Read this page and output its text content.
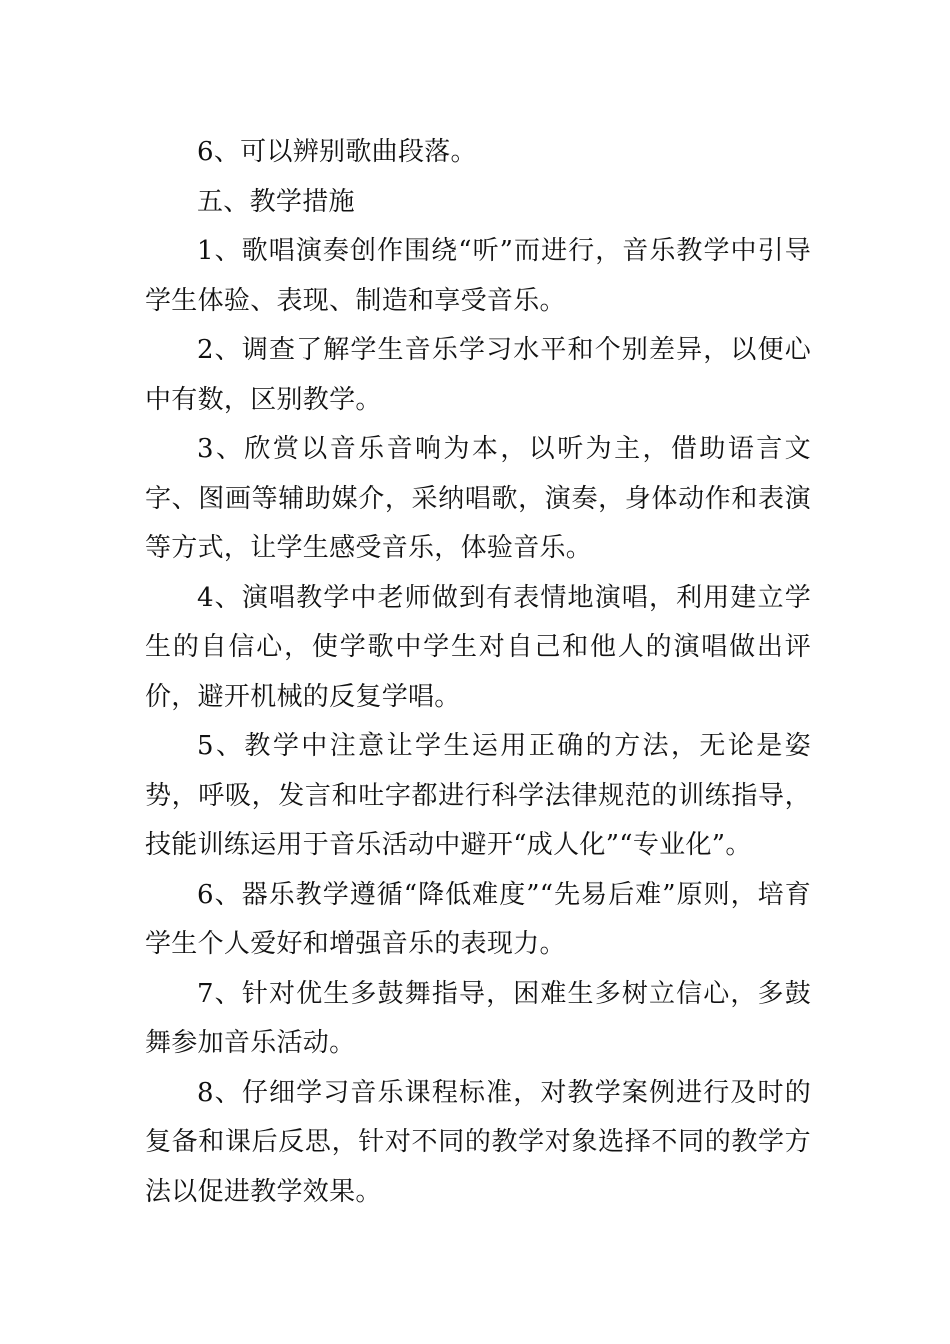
6、可以辨别歌曲段落。

五、教学措施

1、歌唱演奏创作围绕“听”而进行，音乐教学中引导学生体验、表现、制造和享受音乐。

2、调查了解学生音乐学习水平和个别差异，以便心中有数，区别教学。

3、欣赏以音乐音响为本，以听为主，借助语言文字、图画等辅助媒介，采纳唱歌，演奏，身体动作和表演等方式，让学生感受音乐，体验音乐。

4、演唱教学中老师做到有表情地演唱，利用建立学生的自信心，使学歌中学生对自己和他人的演唱做出评价，避开机械的反复学唱。

5、教学中注意让学生运用正确的方法，无论是姿势，呼吸，发言和吐字都进行科学法律规范的训练指导，技能训练运用于音乐活动中避开“成人化”“专业化”。

6、器乐教学遵循“降低难度”“先易后难”原则，培育学生个人爱好和增强音乐的表现力。

7、针对优生多鼓舞指导，困难生多树立信心，多鼓舞参加音乐活动。

8、仔细学习音乐课程标准，对教学案例进行及时的复备和课后反思，针对不同的教学对象选择不同的教学方法以促进教学效果。
